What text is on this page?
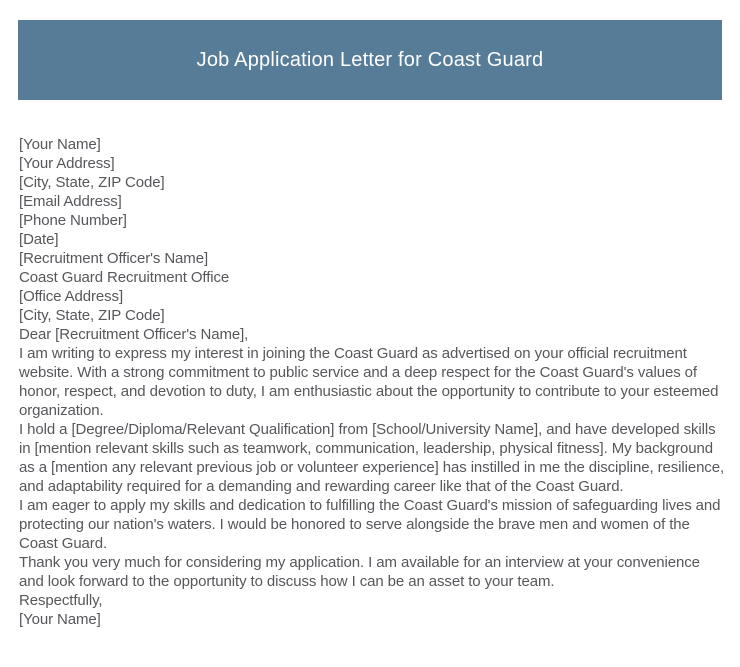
Job Application Letter for Coast Guard
[Your Name]
[Your Address]
[City, State, ZIP Code]
[Email Address]
[Phone Number]
[Date]
[Recruitment Officer's Name]
Coast Guard Recruitment Office
[Office Address]
[City, State, ZIP Code]
Dear [Recruitment Officer's Name],

I am writing to express my interest in joining the Coast Guard as advertised on your official recruitment website. With a strong commitment to public service and a deep respect for the Coast Guard's values of honor, respect, and devotion to duty, I am enthusiastic about the opportunity to contribute to your esteemed organization.

I hold a [Degree/Diploma/Relevant Qualification] from [School/University Name], and have developed skills in [mention relevant skills such as teamwork, communication, leadership, physical fitness]. My background as a [mention any relevant previous job or volunteer experience] has instilled in me the discipline, resilience, and adaptability required for a demanding and rewarding career like that of the Coast Guard.

I am eager to apply my skills and dedication to fulfilling the Coast Guard's mission of safeguarding lives and protecting our nation's waters. I would be honored to serve alongside the brave men and women of the Coast Guard.

Thank you very much for considering my application. I am available for an interview at your convenience and look forward to the opportunity to discuss how I can be an asset to your team.

Respectfully,
[Your Name]
